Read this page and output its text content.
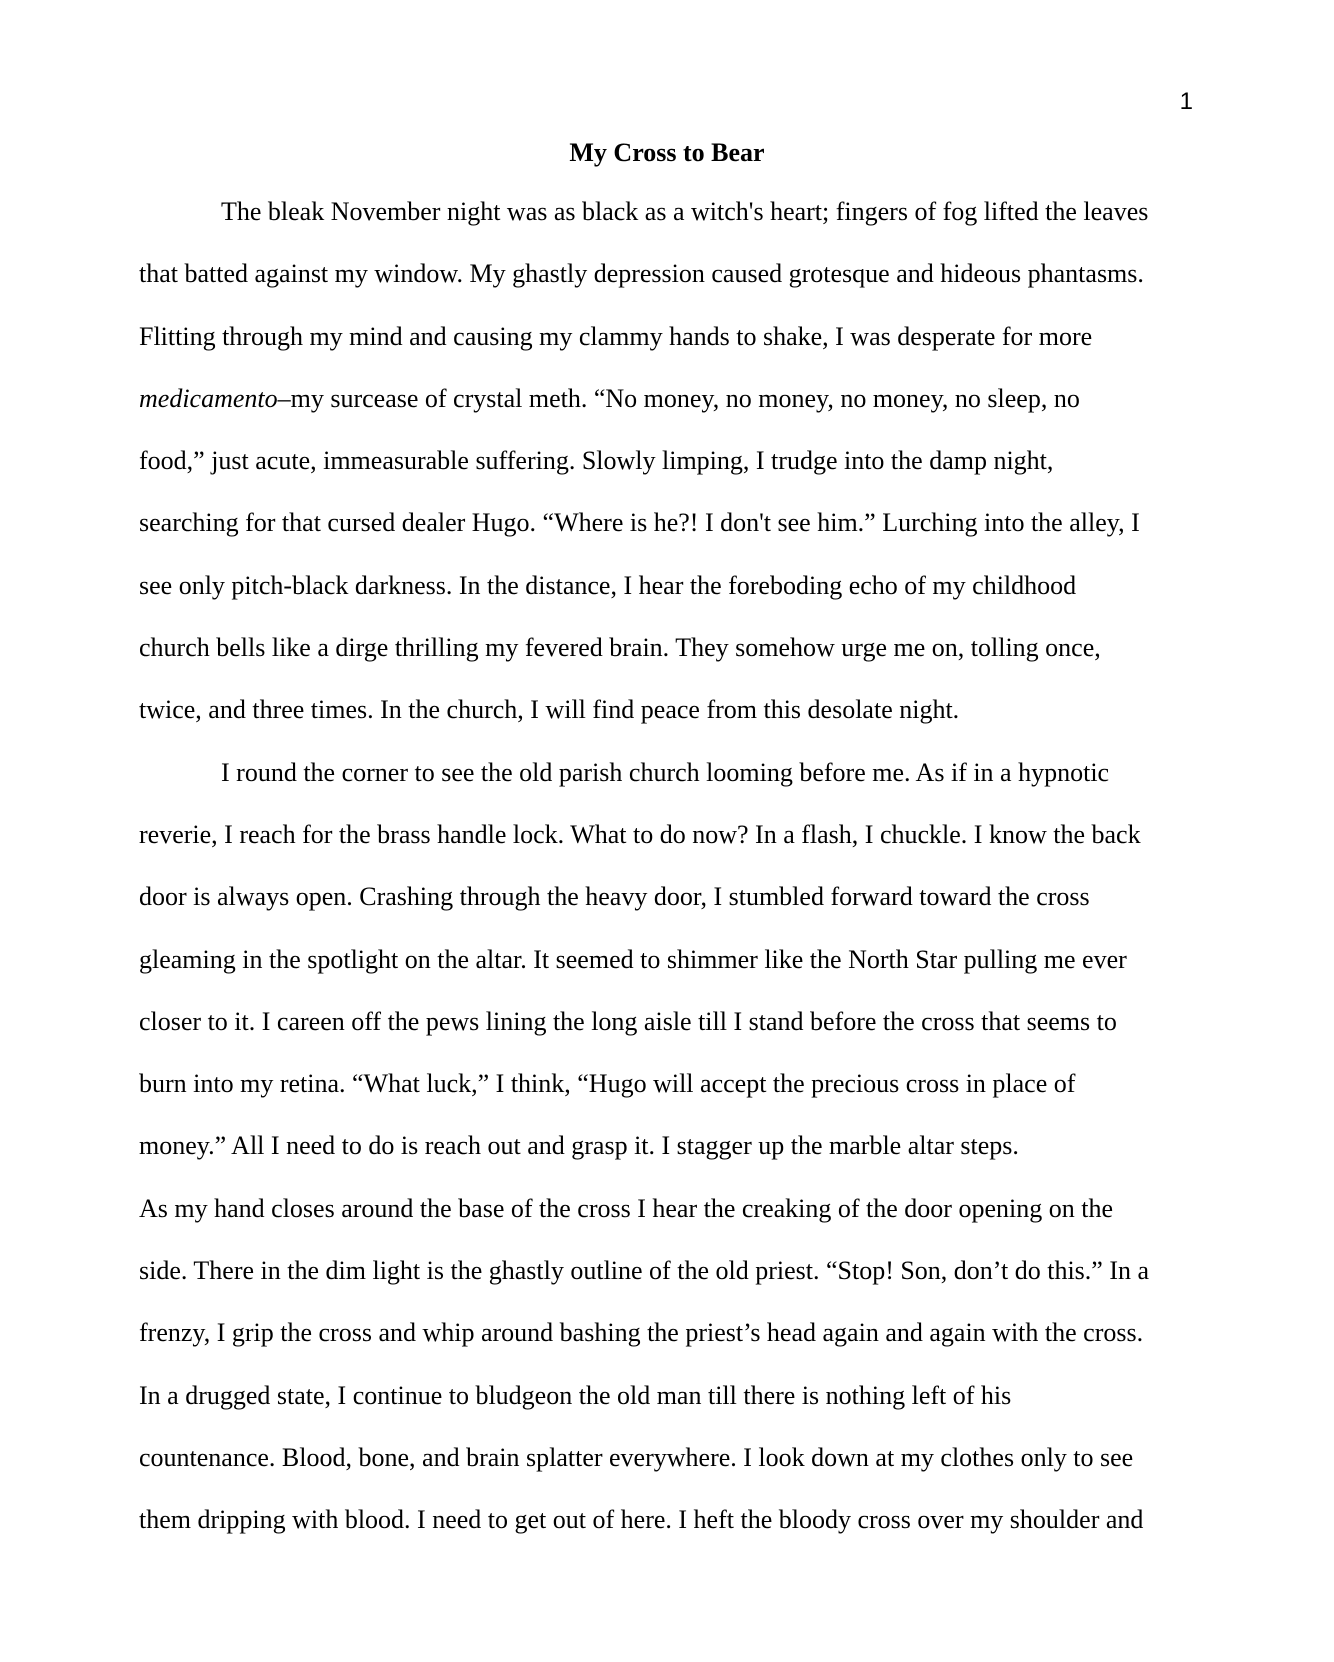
1
My Cross to Bear
The bleak November night was as black as a witch's heart; fingers of fog lifted the leaves
that batted against my window. My ghastly depression caused grotesque and hideous phantasms.
Flitting through my mind and causing my clammy hands to shake, I was desperate for more
medicamento–my surcease of crystal meth. “No money, no money, no money, no sleep, no
food,” just acute, immeasurable suffering. Slowly limping, I trudge into the damp night,
searching for that cursed dealer Hugo. “Where is he?! I don't see him.” Lurching into the alley, I
see only pitch-black darkness. In the distance, I hear the foreboding echo of my childhood
church bells like a dirge thrilling my fevered brain. They somehow urge me on, tolling once,
twice, and three times. In the church, I will find peace from this desolate night.
I round the corner to see the old parish church looming before me. As if in a hypnotic
reverie, I reach for the brass handle lock. What to do now? In a flash, I chuckle. I know the back
door is always open. Crashing through the heavy door, I stumbled forward toward the cross
gleaming in the spotlight on the altar. It seemed to shimmer like the North Star pulling me ever
closer to it. I careen off the pews lining the long aisle till I stand before the cross that seems to
burn into my retina. “What luck,” I think, “Hugo will accept the precious cross in place of
money.” All I need to do is reach out and grasp it. I stagger up the marble altar steps.
As my hand closes around the base of the cross I hear the creaking of the door opening on the
side. There in the dim light is the ghastly outline of the old priest. “Stop! Son, don’t do this.” In a
frenzy, I grip the cross and whip around bashing the priest’s head again and again with the cross.
In a drugged state, I continue to bludgeon the old man till there is nothing left of his
countenance. Blood, bone, and brain splatter everywhere. I look down at my clothes only to see
them dripping with blood. I need to get out of here. I heft the bloody cross over my shoulder and
